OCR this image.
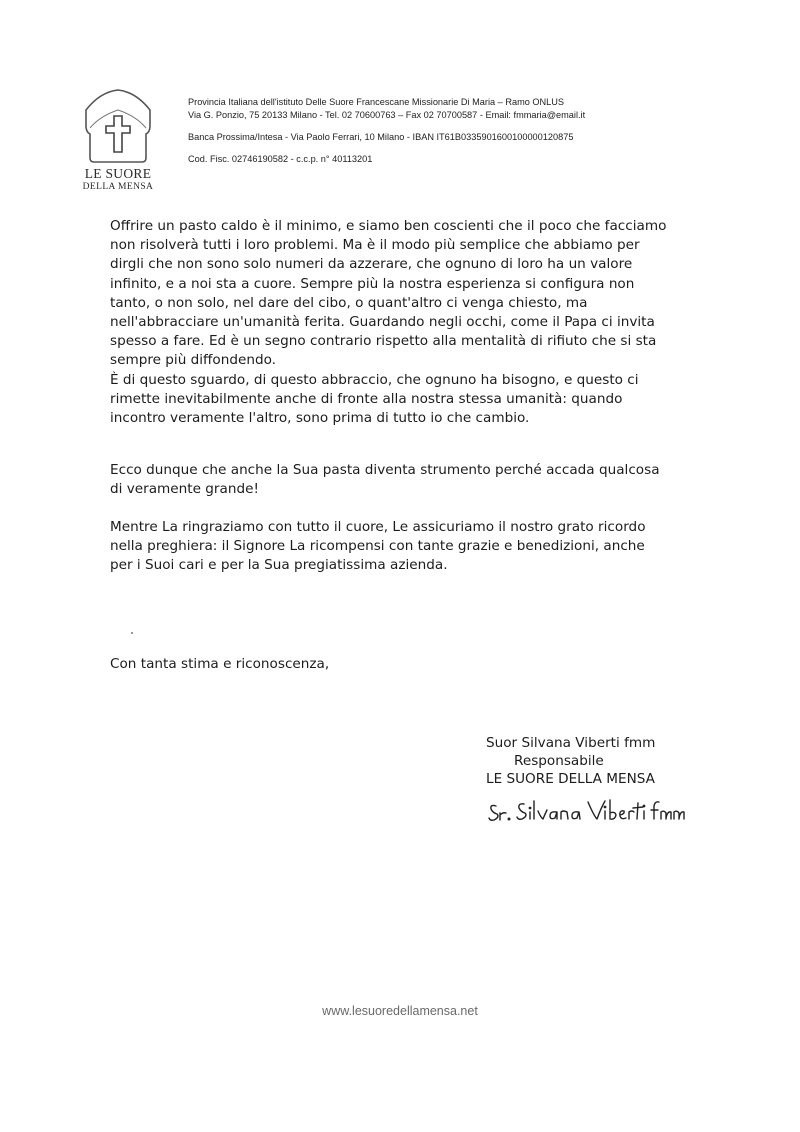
LE SUORE
DELLA MENSA
Provincia Italiana dell'istituto Delle Suore Francescane Missionarie Di Maria – Ramo ONLUS
Via G. Ponzio, 75 20133 Milano - Tel. 02 70600763 – Fax 02 70700587 - Email: fmmaria@email.it
Banca Prossima/Intesa - Via Paolo Ferrari, 10 Milano - IBAN IT61B0335901600100000120875
Cod. Fisc. 02746190582 - c.c.p. n° 40113201
Offrire un pasto caldo è il minimo, e siamo ben coscienti che il poco che facciamo
non risolverà tutti i loro problemi. Ma è il modo più semplice che abbiamo per
dirgli che non sono solo numeri da azzerare, che ognuno di loro ha un valore
infinito, e a noi sta a cuore. Sempre più la nostra esperienza si configura non
tanto, o non solo, nel dare del cibo, o quant'altro ci venga chiesto, ma
nell'abbracciare un'umanità ferita. Guardando negli occhi, come il Papa ci invita
spesso a fare. Ed è un segno contrario rispetto alla mentalità di rifiuto che si sta
sempre più diffondendo.
È di questo sguardo, di questo abbraccio, che ognuno ha bisogno, e questo ci
rimette inevitabilmente anche di fronte alla nostra stessa umanità: quando
incontro veramente l'altro, sono prima di tutto io che cambio.
Ecco dunque che anche la Sua pasta diventa strumento perché accada qualcosa
di veramente grande!
Mentre La ringraziamo con tutto il cuore, Le assicuriamo il nostro grato ricordo
nella preghiera: il Signore La ricompensi con tante grazie e benedizioni, anche
per i Suoi cari e per la Sua pregiatissima azienda.
Con tanta stima e riconoscenza,
Suor Silvana Viberti fmm
Responsabile
LE SUORE DELLA MENSA
www.lesuoredellamensa.net
